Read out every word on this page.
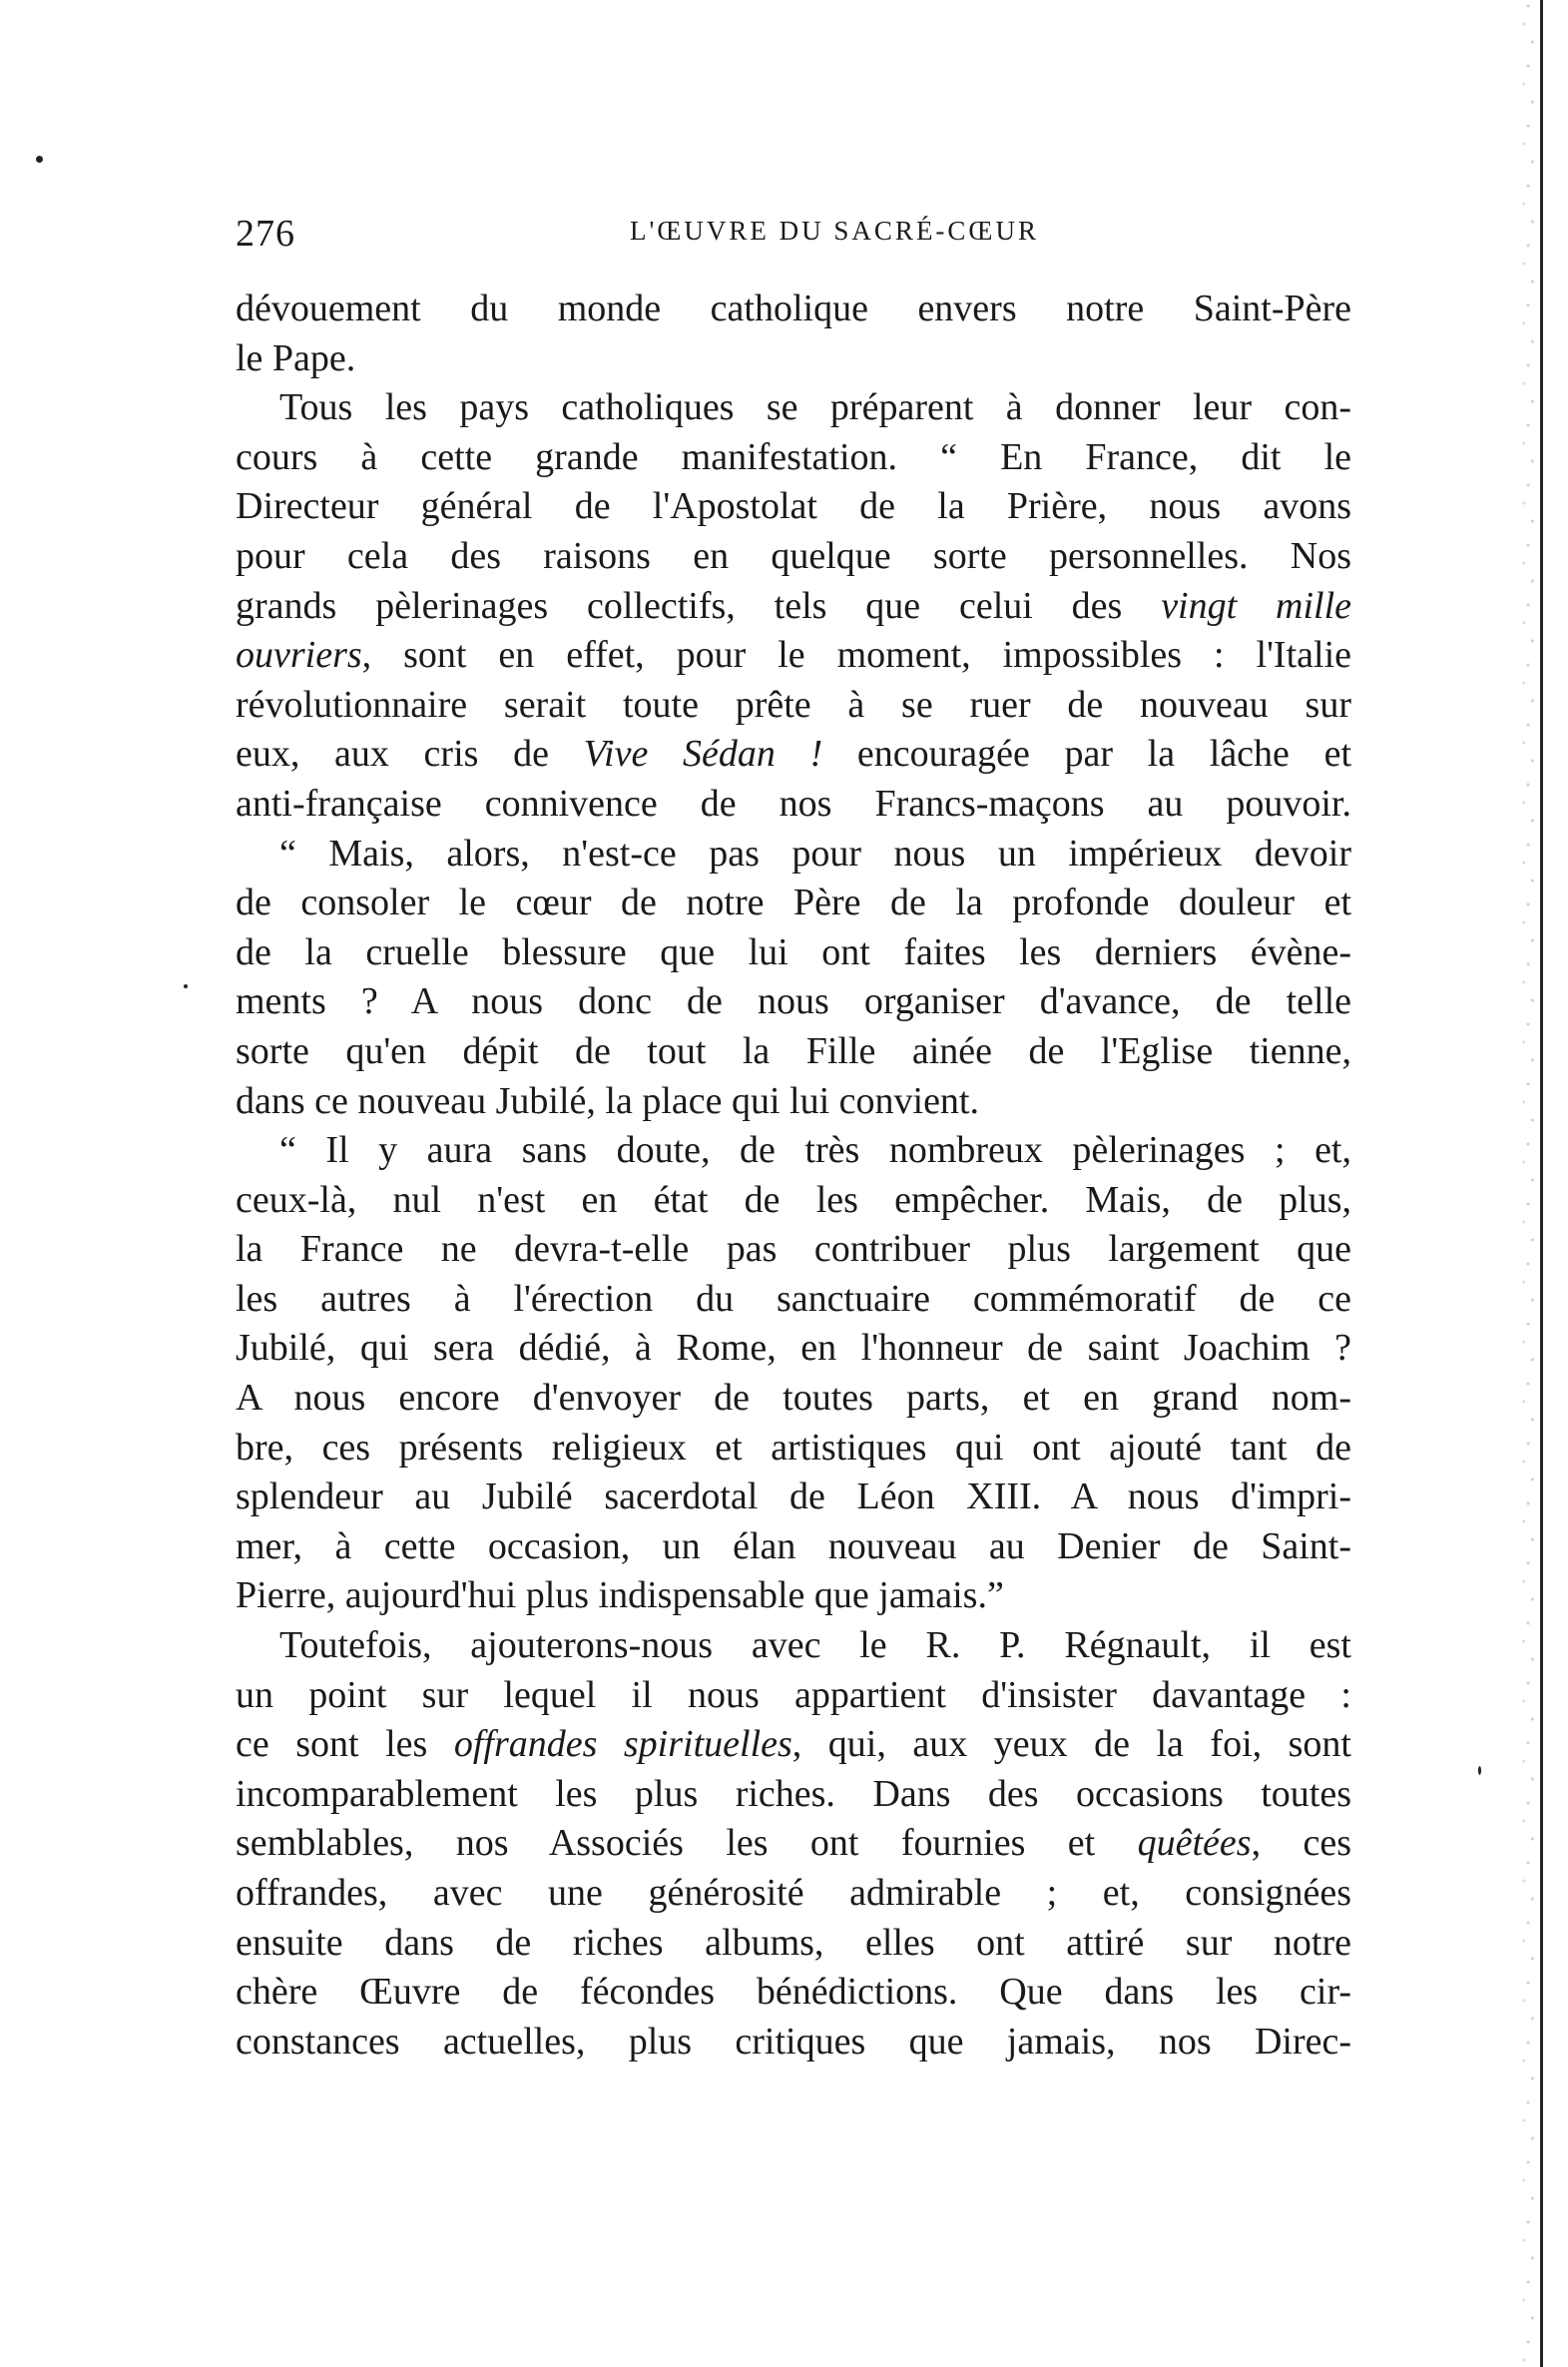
276	L'ŒUVRE DU SACRÉ-CŒUR
dévouement du monde catholique envers notre Saint-Père
le Pape.
Tous les pays catholiques se préparent à donner leur con-
cours à cette grande manifestation. “ En France, dit le
Directeur général de l'Apostolat de la Prière, nous avons
pour cela des raisons en quelque sorte personnelles. Nos
grands pèlerinages collectifs, tels que celui des vingt mille
ouvriers, sont en effet, pour le moment, impossibles : l'Italie
révolutionnaire serait toute prête à se ruer de nouveau sur
eux, aux cris de Vive Sédan ! encouragée par la lâche et
anti-française connivence de nos Francs-maçons au pouvoir.
“ Mais, alors, n'est-ce pas pour nous un impérieux devoir
de consoler le cœur de notre Père de la profonde douleur et
de la cruelle blessure que lui ont faites les derniers évène-
ments ? A nous donc de nous organiser d'avance, de telle
sorte qu'en dépit de tout la Fille ainée de l'Eglise tienne,
dans ce nouveau Jubilé, la place qui lui convient.
“ Il y aura sans doute, de très nombreux pèlerinages ; et,
ceux-là, nul n'est en état de les empêcher. Mais, de plus,
la France ne devra-t-elle pas contribuer plus largement que
les autres à l'érection du sanctuaire commémoratif de ce
Jubilé, qui sera dédié, à Rome, en l'honneur de saint Joachim ?
A nous encore d'envoyer de toutes parts, et en grand nom-
bre, ces présents religieux et artistiques qui ont ajouté tant de
splendeur au Jubilé sacerdotal de Léon XIII. A nous d'impri-
mer, à cette occasion, un élan nouveau au Denier de Saint-
Pierre, aujourd'hui plus indispensable que jamais.”
Toutefois, ajouterons-nous avec le R. P. Régnault, il est
un point sur lequel il nous appartient d'insister davantage :
ce sont les offrandes spirituelles, qui, aux yeux de la foi, sont
incomparablement les plus riches. Dans des occasions toutes
semblables, nos Associés les ont fournies et quêtées, ces
offrandes, avec une générosité admirable ; et, consignées
ensuite dans de riches albums, elles ont attiré sur notre
chère Œuvre de fécondes bénédictions. Que dans les cir-
constances actuelles, plus critiques que jamais, nos Direc-
